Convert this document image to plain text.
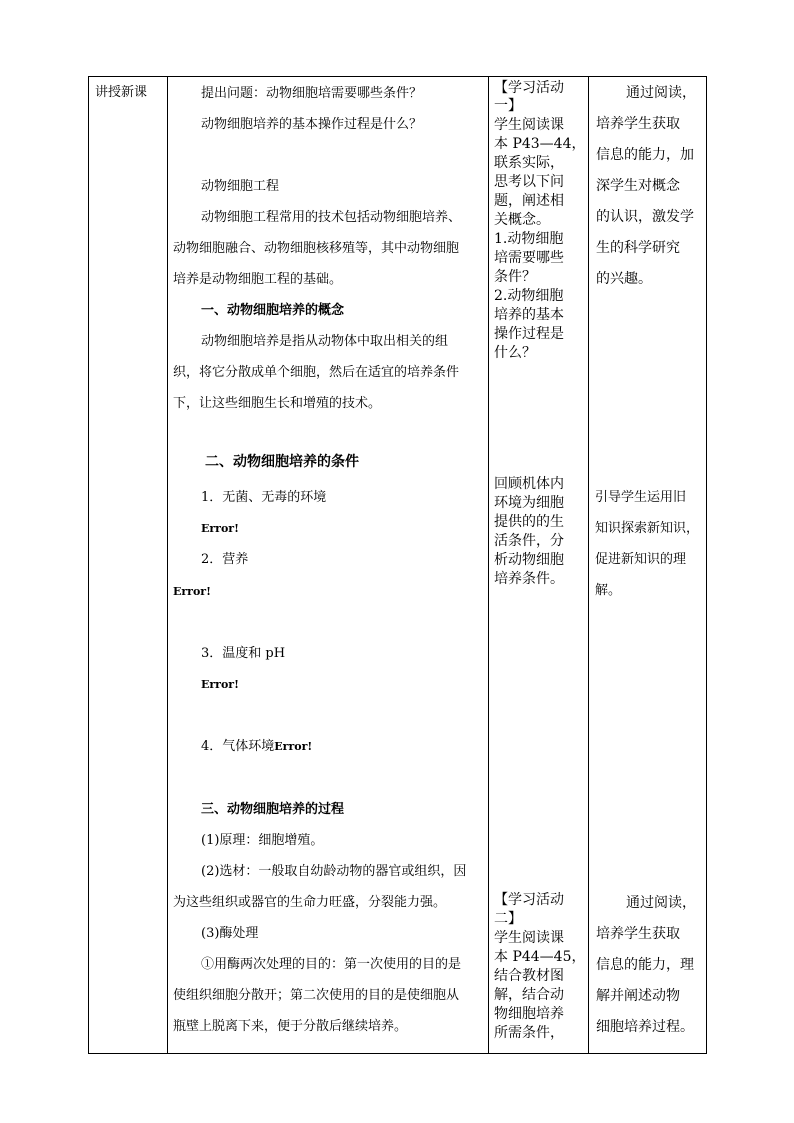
讲授新课	提出问题：动物细胞培需要哪些条件？
动物细胞培养的基本操作过程是什么？
动物细胞工程
动物细胞工程常用的技术包括动物细胞培养、
动物细胞融合、动物细胞核移殖等，其中动物细胞
培养是动物细胞工程的基础。
一、动物细胞培养的概念
动物细胞培养是指从动物体中取出相关的组
织，将它分散成单个细胞，然后在适宜的培养条件
下，让这些细胞生长和增殖的技术。
二、动物细胞培养的条件
1．无菌、无毒的环境
Error!
2．营养
Error!
3．温度和 pH
Error!
4．气体环境Error!
三、动物细胞培养的过程
(1)原理：细胞增殖。
(2)选材：一般取自幼龄动物的器官或组织，因
为这些组织或器官的生命力旺盛，分裂能力强。
(3)酶处理
①用酶两次处理的目的：第一次使用的目的是
使组织细胞分散开；第二次使用的目的是使细胞从
瓶壁上脱离下来，便于分散后继续培养。
【学习活动
一】
学生阅读课
本 P43—44，
联系实际，
思考以下问
题，阐述相
关概念。
1.动物细胞
培需要哪些
条件？
2.动物细胞
培养的基本
操作过程是
什么？
回顾机体内
环境为细胞
提供的的生
活条件，分
析动物细胞
培养条件。
【学习活动
二】
学生阅读课
本 P44—45，
结合教材图
解，结合动
物细胞培养
所需条件，
通过阅读，
培养学生获取
信息的能力，加
深学生对概念
的认识，激发学
生的科学研究
的兴趣。
引导学生运用旧
知识探索新知识，
促进新知识的理
解。
通过阅读，
培养学生获取
信息的能力，理
解并阐述动物
细胞培养过程。
